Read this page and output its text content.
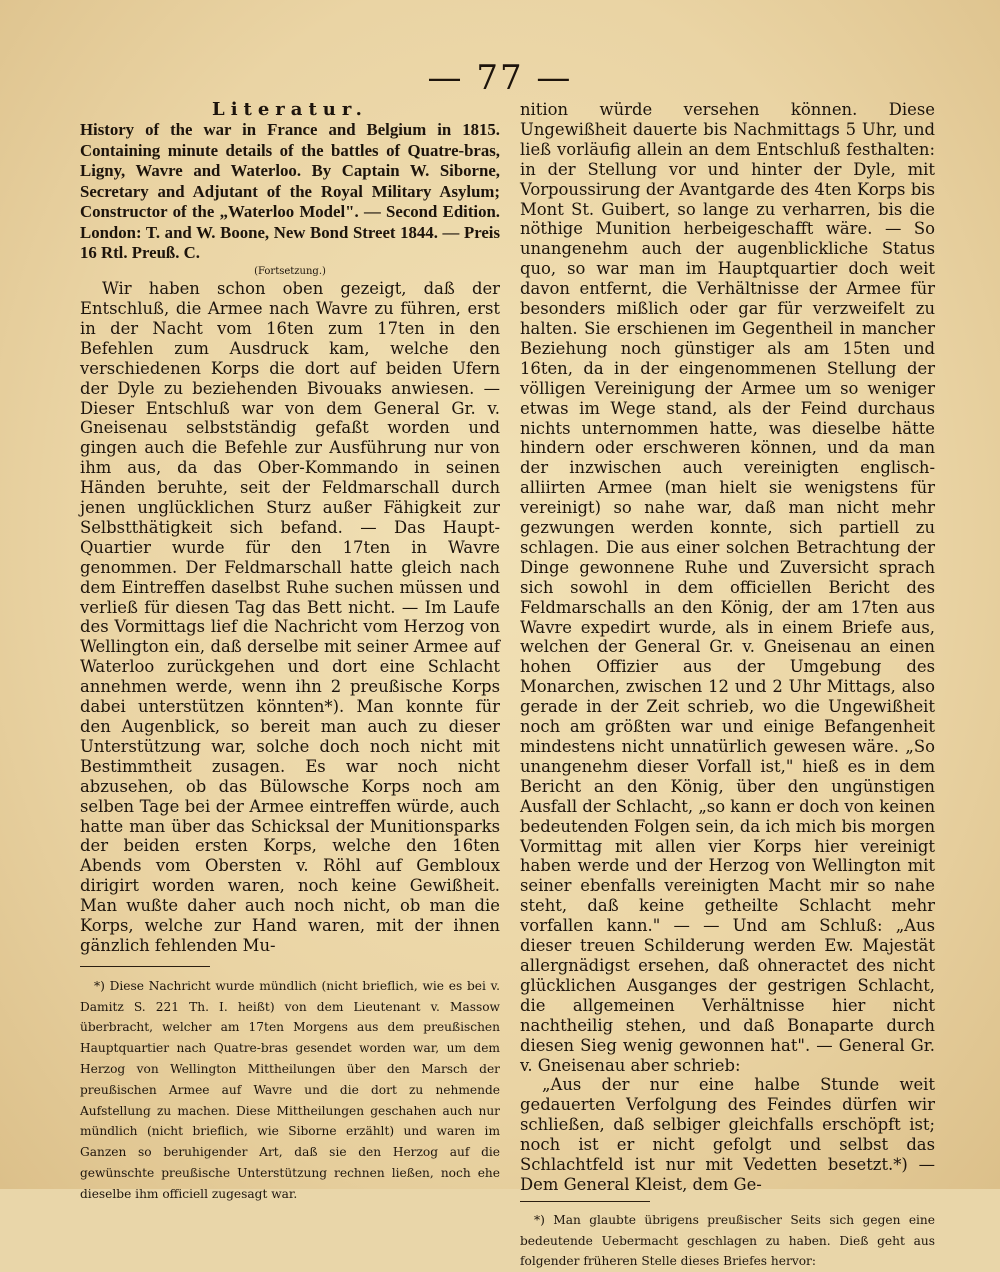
— 77 —

Literatur.

History of the war in France and Belgium in 1815. Containing minute details of the battles of Quatre-bras, Ligny, Wavre and Waterloo. By Captain W. Siborne, Secretary and Adjutant of the Royal Military Asylum; Constructor of the „Waterloo Model". — Second Edition. London: T. and W. Boone, New Bond Street 1844. — Preis 16 Rtl. Preuß. C.

(Fortsetzung.)

Wir haben schon oben gezeigt, daß der Entschluß, die Armee nach Wavre zu führen, erst in der Nacht vom 16ten zum 17ten in den Befehlen zum Ausdruck kam, welche den verschiedenen Korps die dort auf beiden Ufern der Dyle zu beziehenden Bivouaks anwiesen. — Dieser Entschluß war von dem General Gr. v. Gneisenau selbstständig gefaßt worden und gingen auch die Befehle zur Ausführung nur von ihm aus, da das Ober-Kommando in seinen Händen beruhte, seit der Feldmarschall durch jenen unglücklichen Sturz außer Fähigkeit zur Selbstthätigkeit sich befand. — Das Haupt-Quartier wurde für den 17ten in Wavre genommen. Der Feldmarschall hatte gleich nach dem Eintreffen daselbst Ruhe suchen müssen und verließ für diesen Tag das Bett nicht. — Im Laufe des Vormittags lief die Nachricht vom Herzog von Wellington ein, daß derselbe mit seiner Armee auf Waterloo zurückgehen und dort eine Schlacht annehmen werde, wenn ihn 2 preußische Korps dabei unterstützen könnten*). Man konnte für den Augenblick, so bereit man auch zu dieser Unterstützung war, solche doch noch nicht mit Bestimmtheit zusagen. Es war noch nicht abzusehen, ob das Bülowsche Korps noch am selben Tage bei der Armee eintreffen würde, auch hatte man über das Schicksal der Munitionsparks der beiden ersten Korps, welche den 16ten Abends vom Obersten v. Röhl auf Gembloux dirigirt worden waren, noch keine Gewißheit. Man wußte daher auch noch nicht, ob man die Korps, welche zur Hand waren, mit der ihnen gänzlich fehlenden Mu-

*) Diese Nachricht wurde mündlich (nicht brieflich, wie es bei v. Damitz S. 221 Th. I. heißt) von dem Lieutenant v. Massow überbracht, welcher am 17ten Morgens aus dem preußischen Hauptquartier nach Quatre-bras gesendet worden war, um dem Herzog von Wellington Mittheilungen über den Marsch der preußischen Armee auf Wavre und die dort zu nehmende Aufstellung zu machen. Diese Mittheilungen geschahen auch nur mündlich (nicht brieflich, wie Siborne erzählt) und waren im Ganzen so beruhigender Art, daß sie den Herzog auf die gewünschte preußische Unterstützung rechnen ließen, noch ehe dieselbe ihm officiell zugesagt war.

nition würde versehen können. Diese Ungewißheit dauerte bis Nachmittags 5 Uhr, und ließ vorläufig allein an dem Entschluß festhalten: in der Stellung vor und hinter der Dyle, mit Vorpoussirung der Avantgarde des 4ten Korps bis Mont St. Guibert, so lange zu verharren, bis die nöthige Munition herbeigeschafft wäre. — So unangenehm auch der augenblickliche Status quo, so war man im Hauptquartier doch weit davon entfernt, die Verhältnisse der Armee für besonders mißlich oder gar für verzweifelt zu halten. Sie erschienen im Gegentheil in mancher Beziehung noch günstiger als am 15ten und 16ten, da in der eingenommenen Stellung der völligen Vereinigung der Armee um so weniger etwas im Wege stand, als der Feind durchaus nichts unternommen hatte, was dieselbe hätte hindern oder erschweren können, und da man der inzwischen auch vereinigten englisch-alliirten Armee (man hielt sie wenigstens für vereinigt) so nahe war, daß man nicht mehr gezwungen werden konnte, sich partiell zu schlagen. Die aus einer solchen Betrachtung der Dinge gewonnene Ruhe und Zuversicht sprach sich sowohl in dem officiellen Bericht des Feldmarschalls an den König, der am 17ten aus Wavre expedirt wurde, als in einem Briefe aus, welchen der General Gr. v. Gneisenau an einen hohen Offizier aus der Umgebung des Monarchen, zwischen 12 und 2 Uhr Mittags, also gerade in der Zeit schrieb, wo die Ungewißheit noch am größten war und einige Befangenheit mindestens nicht unnatürlich gewesen wäre. „So unangenehm dieser Vorfall ist," hieß es in dem Bericht an den König, über den ungünstigen Ausfall der Schlacht, „so kann er doch von keinen bedeutenden Folgen sein, da ich mich bis morgen Vormittag mit allen vier Korps hier vereinigt haben werde und der Herzog von Wellington mit seiner ebenfalls vereinigten Macht mir so nahe steht, daß keine getheilte Schlacht mehr vorfallen kann." — — Und am Schluß: „Aus dieser treuen Schilderung werden Ew. Majestät allergnädigst ersehen, daß ohneractet des nicht glücklichen Ausganges der gestrigen Schlacht, die allgemeinen Verhältnisse hier nicht nachtheilig stehen, und daß Bonaparte durch diesen Sieg wenig gewonnen hat". — General Gr. v. Gneisenau aber schrieb:

„Aus der nur eine halbe Stunde weit gedauerten Verfolgung des Feindes dürfen wir schließen, daß selbiger gleichfalls erschöpft ist; noch ist er nicht gefolgt und selbst das Schlachtfeld ist nur mit Vedetten besetzt.*) — Dem General Kleist, dem Ge-

*) Man glaubte übrigens preußischer Seits sich gegen eine bedeutende Uebermacht geschlagen zu haben. Dieß geht aus folgender früheren Stelle dieses Briefes hervor:
